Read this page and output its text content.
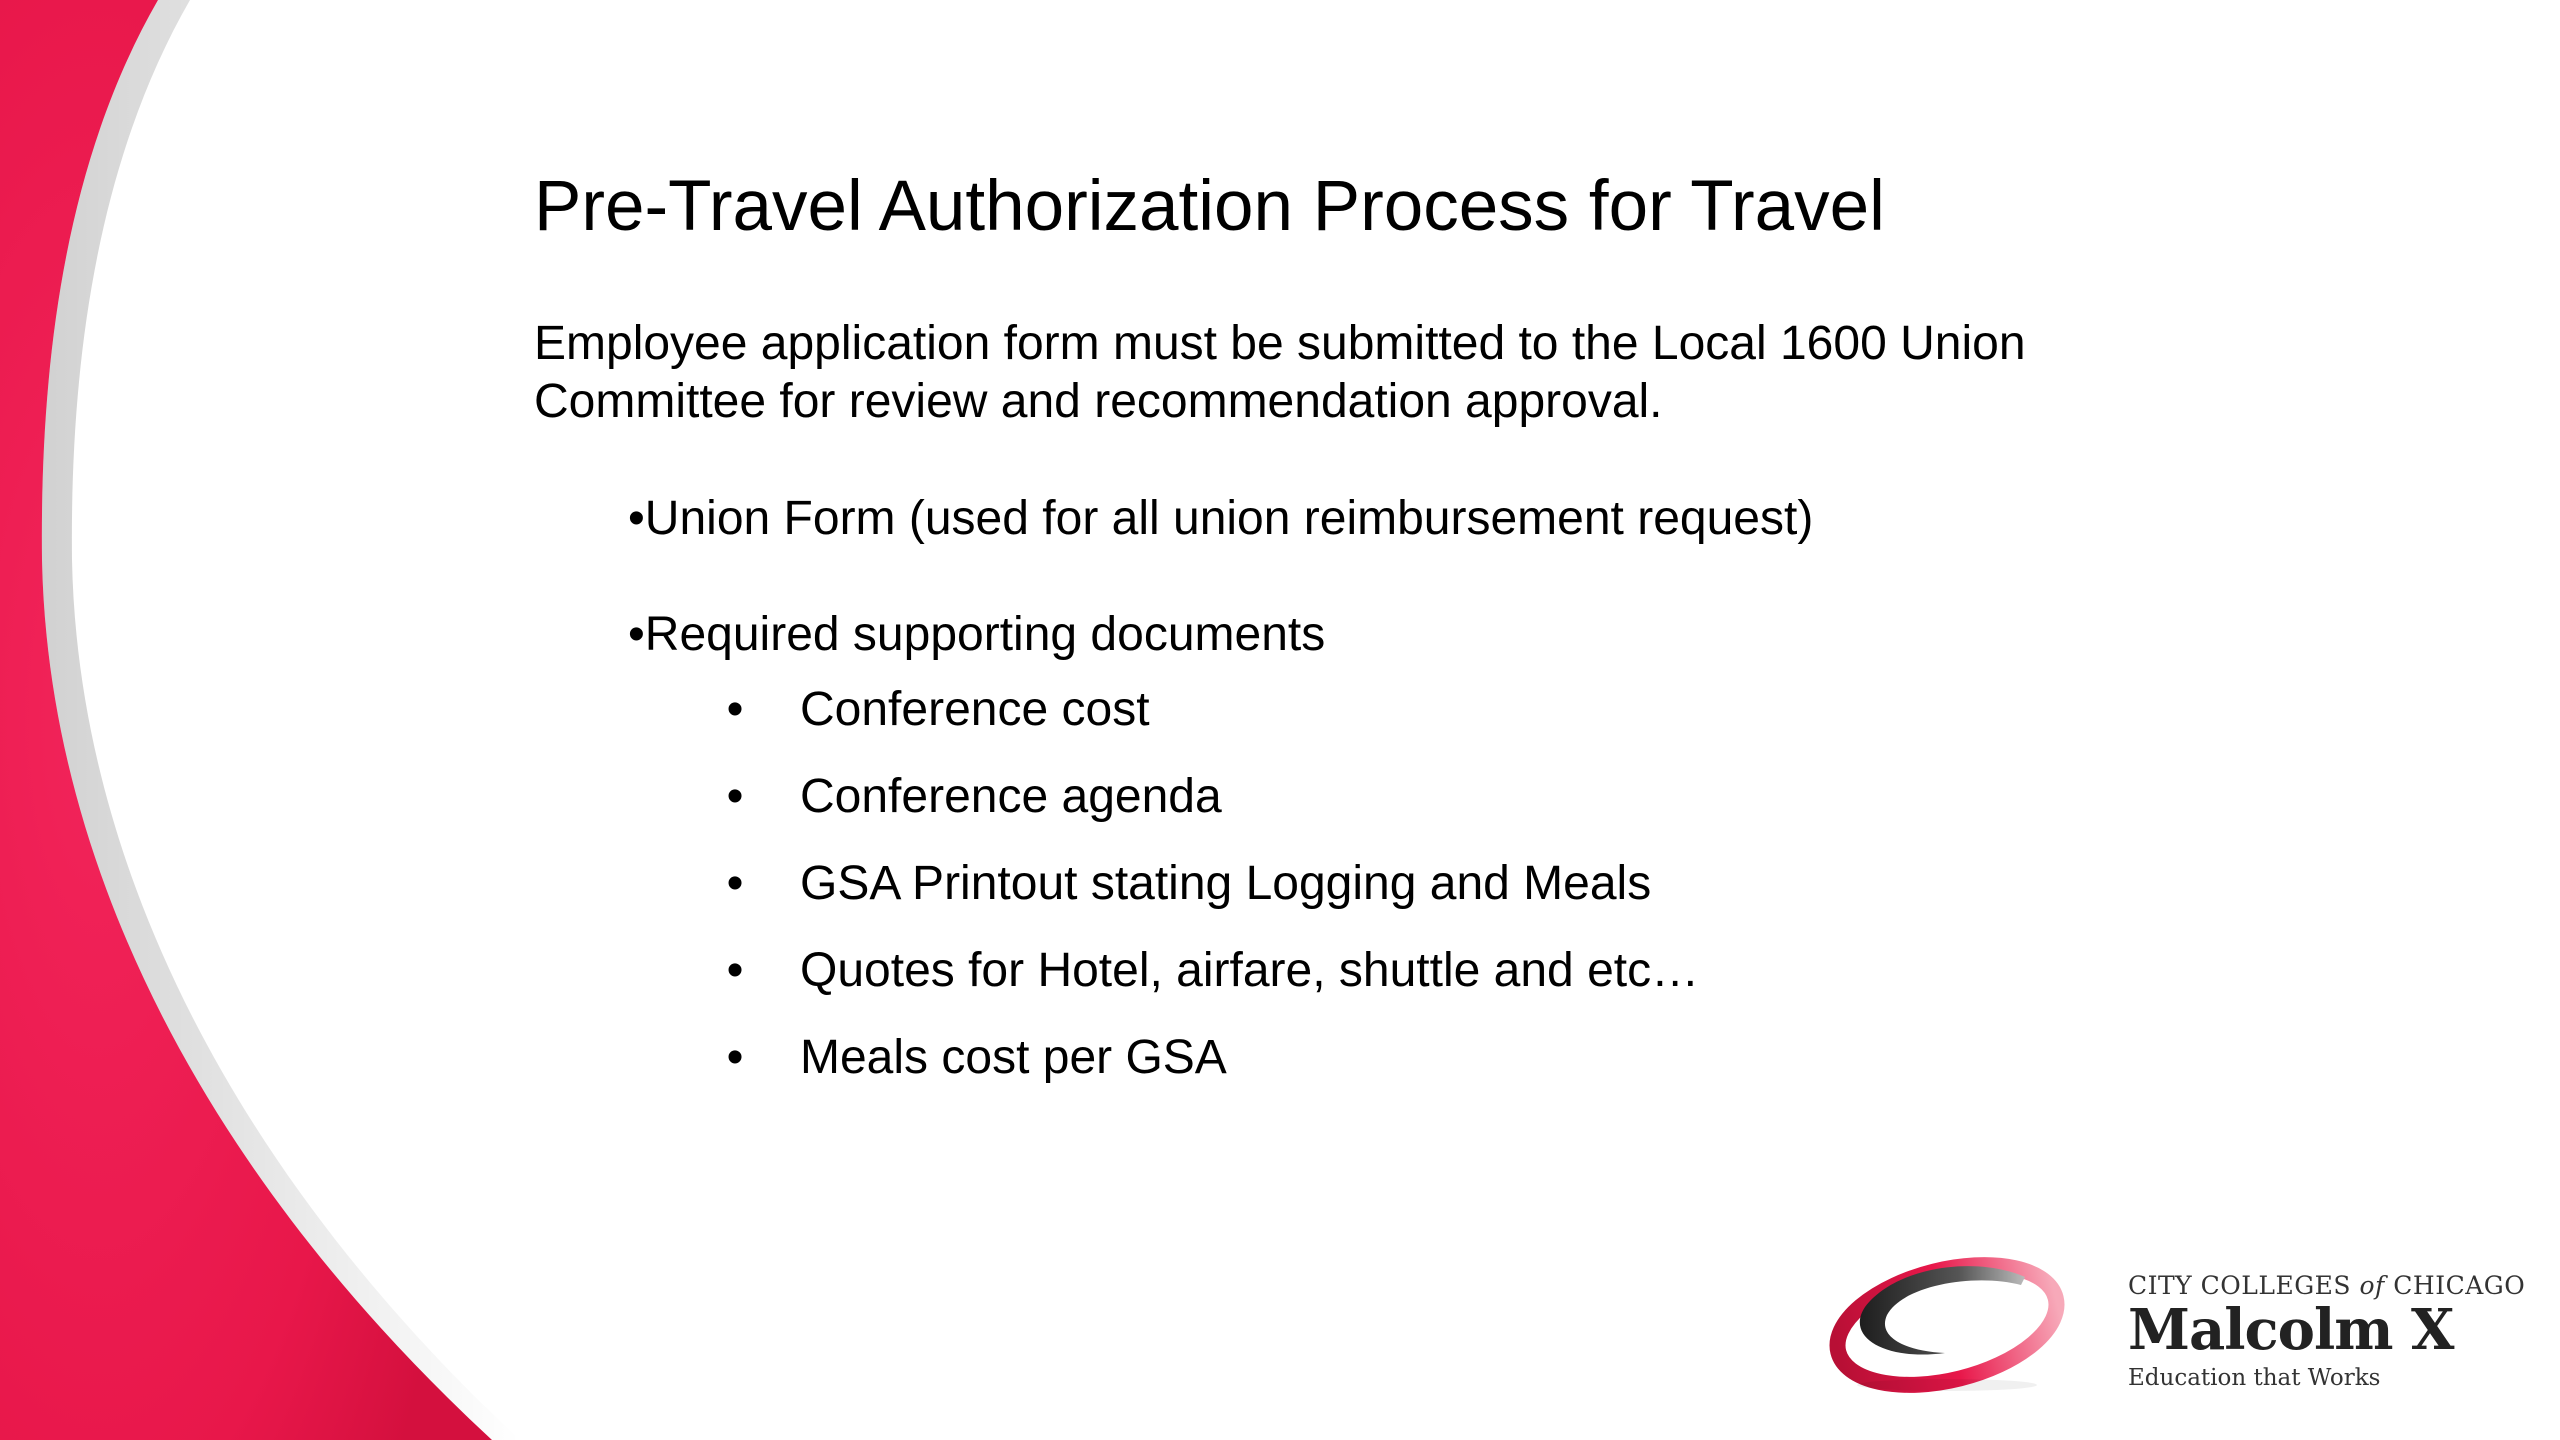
Pre-Travel Authorization Process for Travel
Employee application form must be submitted to the Local 1600 Union
Committee for review and recommendation approval.
•Union Form (used for all union reimbursement request)
•Required supporting documents
• Conference cost
• Conference agenda
• GSA Printout stating Logging and Meals
• Quotes for Hotel, airfare, shuttle and etc…
• Meals cost per GSA
CITY COLLEGES of CHICAGO
Malcolm X
Education that Works
